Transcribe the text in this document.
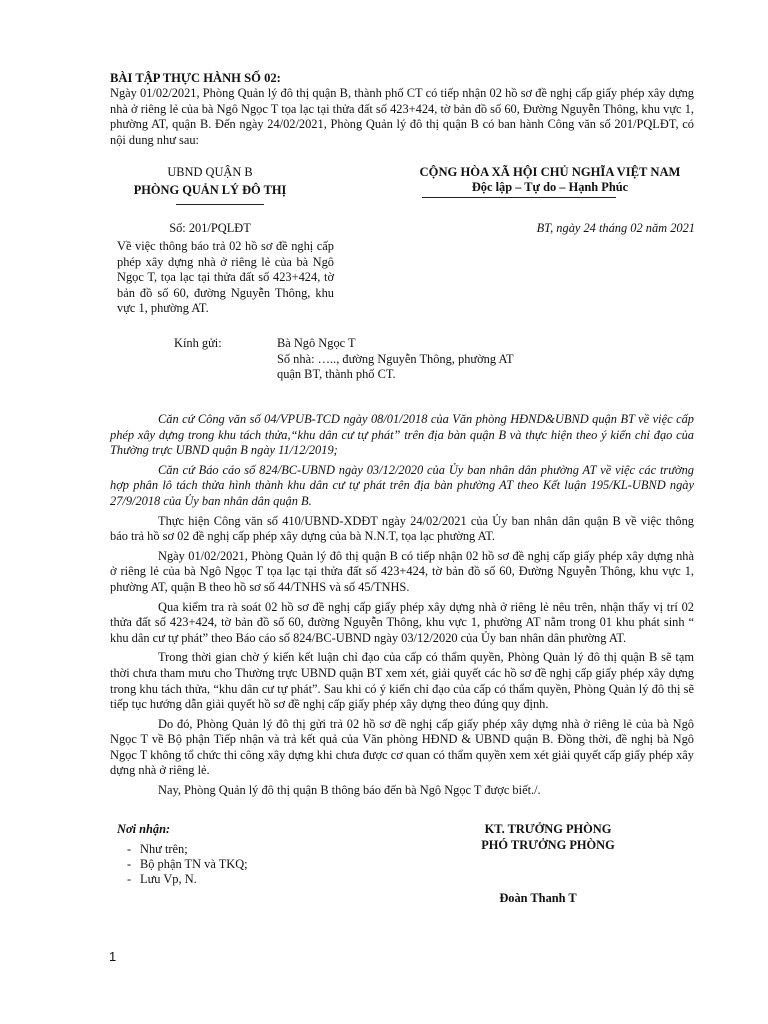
BÀI TẬP THỰC HÀNH SỐ 02:
Ngày 01/02/2021, Phòng Quản lý đô thị quận B, thành phố CT có tiếp nhận 02 hồ sơ đề nghị cấp giấy phép xây dựng nhà ở riêng lẻ của bà Ngô Ngọc T tọa lạc tại thửa đất số 423+424, tờ bản đồ số 60, Đường Nguyễn Thông, khu vực 1, phường AT, quận B. Đến ngày 24/02/2021, Phòng Quản lý đô thị quận B có ban hành Công văn số 201/PQLĐT, có nội dung như sau:
UBND QUẬN B
PHÒNG QUẢN LÝ ĐÔ THỊ
CỘNG HÒA XÃ HỘI CHỦ NGHĨA VIỆT NAM
Độc lập – Tự do – Hạnh Phúc
Số: 201/PQLĐT	BT, ngày 24 tháng 02 năm 2021
Về việc thông báo trả 02 hồ sơ đề nghị cấp phép xây dựng nhà ở riêng lẻ của bà Ngô Ngọc T, tọa lạc tại thửa đất số 423+424, tờ bản đồ số 60, đường Nguyễn Thông, khu vực 1, phường AT.
Kính gửi:	Bà Ngô Ngọc T
Số nhà: ….., đường Nguyễn Thông, phường AT
quận BT, thành phố CT.

Căn cứ Công văn số 04/VPUB-TCD ngày 08/01/2018 của Văn phòng HĐND&UBND quận BT về việc cấp phép xây dựng trong khu tách thửa,“khu dân cư tự phát” trên địa bàn quận B và thực hiện theo ý kiến chỉ đạo của Thường trực UBND quận B ngày 11/12/2019;

Căn cứ Báo cáo số 824/BC-UBND ngày 03/12/2020 của Ủy ban nhân dân phường AT về việc các trường hợp phân lô tách thửa hình thành khu dân cư tự phát trên địa bàn phường AT theo Kết luận 195/KL-UBND ngày 27/9/2018 của Ủy ban nhân dân quận B.

Thực hiện Công văn số 410/UBND-XDĐT ngày 24/02/2021 của Ủy ban nhân dân quận B về việc thông báo trả hồ sơ 02 đề nghị cấp phép xây dựng của bà N.N.T, tọa lạc phường AT.

Ngày 01/02/2021, Phòng Quản lý đô thị quận B có tiếp nhận 02 hồ sơ đề nghị cấp giấy phép xây dựng nhà ở riêng lẻ của bà Ngô Ngọc T tọa lạc tại thửa đất số 423+424, tờ bản đồ số 60, Đường Nguyễn Thông, khu vực 1, phường AT, quận B theo hồ sơ số 44/TNHS và số 45/TNHS.

Qua kiểm tra rà soát 02 hồ sơ đề nghị cấp giấy phép xây dựng nhà ở riêng lẻ nêu trên, nhận thấy vị trí 02 thửa đất số 423+424, tờ bản đồ số 60, đường Nguyễn Thông, khu vực 1, phường AT nằm trong 01 khu phát sinh “ khu dân cư tự phát” theo Báo cáo số 824/BC-UBND ngày 03/12/2020 của Ủy ban nhân dân phường AT.

Trong thời gian chờ ý kiến kết luận chỉ đạo của cấp có thẩm quyền, Phòng Quản lý đô thị quận B sẽ tạm thời chưa tham mưu cho Thường trực UBND quận BT xem xét, giải quyết các hồ sơ đề nghị cấp giấy phép xây dựng trong khu tách thửa, “khu dân cư tự phát”. Sau khi có ý kiến chỉ đạo của cấp có thẩm quyền, Phòng Quản lý đô thị sẽ tiếp tục hướng dẫn giải quyết hồ sơ đề nghị cấp giấy phép xây dựng theo đúng quy định.

Do đó, Phòng Quản lý đô thị gửi trả 02 hồ sơ đề nghị cấp giấy phép xây dựng nhà ở riêng lẻ của bà Ngô Ngọc T về Bộ phận Tiếp nhận và trả kết quả của Văn phòng HĐND & UBND quận B. Đồng thời, đề nghị bà Ngô Ngọc T không tổ chức thi công xây dựng khi chưa được cơ quan có thẩm quyền xem xét giải quyết cấp giấy phép xây dựng nhà ở riêng lẻ.

Nay, Phòng Quản lý đô thị quận B thông báo đến bà Ngô Ngọc T được biết./.

Nơi nhận:
- Như trên;
- Bộ phận TN và TKQ;
- Lưu Vp, N.
KT. TRƯỞNG PHÒNG
PHÓ TRƯỞNG PHÒNG
Đoàn Thanh T
1
